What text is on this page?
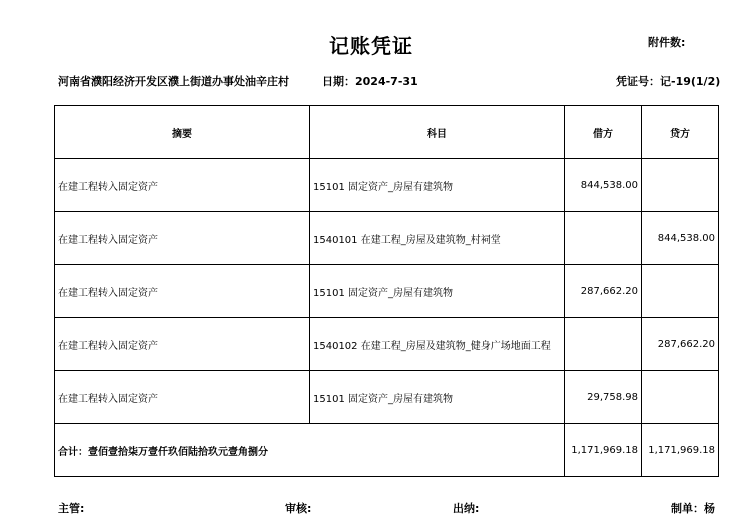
记账凭证	附件数:
河南省濮阳经济开发区濮上街道办事处油辛庄村	日期：2024-7-31	凭证号：记-19(1/2)
摘要	科目	借方	贷方
在建工程转入固定资产	15101 固定资产_房屋有建筑物	844,538.00	
在建工程转入固定资产	1540101 在建工程_房屋及建筑物_村祠堂		844,538.00
在建工程转入固定资产	15101 固定资产_房屋有建筑物	287,662.20	
在建工程转入固定资产	1540102 在建工程_房屋及建筑物_健身广场地面工程		287,662.20
在建工程转入固定资产	15101 固定资产_房屋有建筑物	29,758.98	
合计：壹佰壹拾柒万壹仟玖佰陆拾玖元壹角捌分		1,171,969.18	1,171,969.18
主管:	审核:	出纳:	制单：杨
